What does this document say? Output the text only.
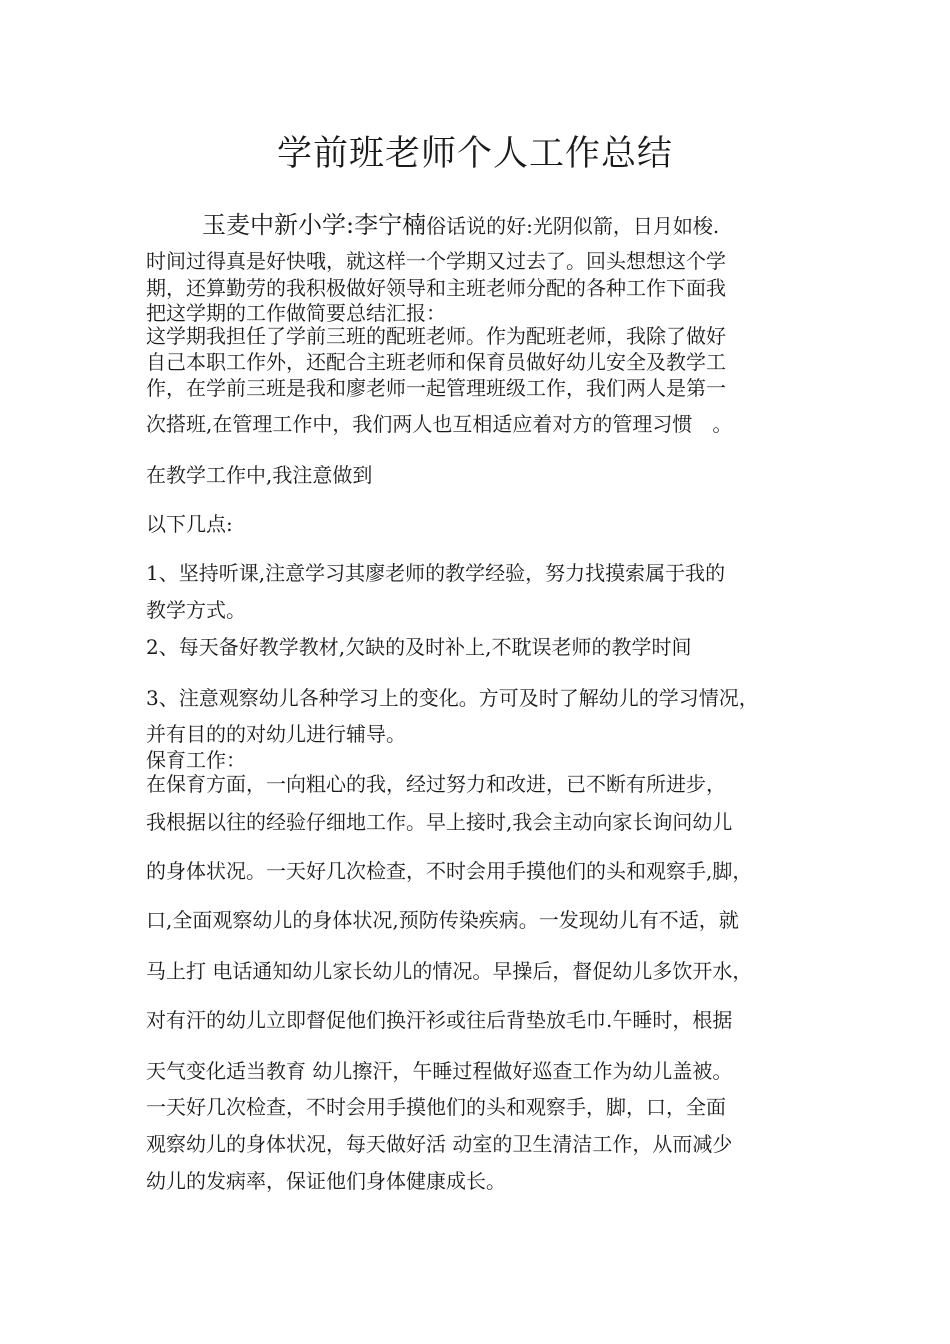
学前班老师个人工作总结
玉麦中新小学:李宁楠俗话说的好:光阴似箭，日月如梭.
时间过得真是好快哦，就这样一个学期又过去了。回头想想这个学
期，还算勤劳的我积极做好领导和主班老师分配的各种工作下面我
把这学期的工作做简要总结汇报：
这学期我担任了学前三班的配班老师。作为配班老师，我除了做好
自己本职工作外，还配合主班老师和保育员做好幼儿安全及教学工
作，在学前三班是我和廖老师一起管理班级工作，我们两人是第一
次搭班,在管理工作中，我们两人也互相适应着对方的管理习惯　。
在教学工作中,我注意做到
以下几点:
1、坚持听课,注意学习其廖老师的教学经验，努力找摸索属于我的
教学方式。
2、每天备好教学教材,欠缺的及时补上,不耽误老师的教学时间
3、注意观察幼儿各种学习上的变化。方可及时了解幼儿的学习情况，
并有目的的对幼儿进行辅导。
保育工作：
在保育方面，一向粗心的我，经过努力和改进，已不断有所进步，
我根据以往的经验仔细地工作。早上接时,我会主动向家长询问幼儿
的身体状况。一天好几次检查，不时会用手摸他们的头和观察手,脚，
口,全面观察幼儿的身体状况,预防传染疾病。一发现幼儿有不适，就
马上打 电话通知幼儿家长幼儿的情况。早操后，督促幼儿多饮开水，
对有汗的幼儿立即督促他们换汗衫或往后背垫放毛巾.午睡时，根据
天气变化适当教育 幼儿擦汗，午睡过程做好巡查工作为幼儿盖被。
一天好几次检查，不时会用手摸他们的头和观察手，脚，口，全面
观察幼儿的身体状况，每天做好活 动室的卫生清洁工作，从而减少
幼儿的发病率，保证他们身体健康成长。
